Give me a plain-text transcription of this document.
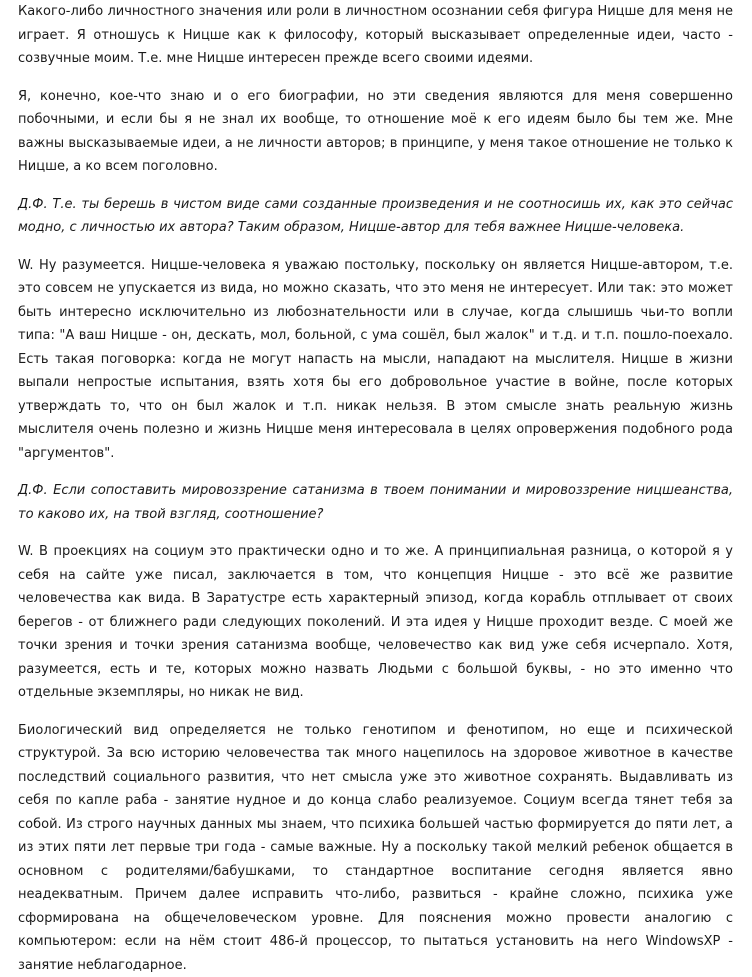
Какого-либо личностного значения или роли в личностном осознании себя фигура Ницше для меня не играет. Я отношусь к Ницше как к философу, который высказывает определенные идеи, часто - созвучные моим. Т.е. мне Ницше интересен прежде всего своими идеями.

Я, конечно, кое-что знаю и о его биографии, но эти сведения являются для меня совершенно побочными, и если бы я не знал их вообще, то отношение моё к его идеям было бы тем же. Мне важны высказываемые идеи, а не личности авторов; в принципе, у меня такое отношение не только к Ницше, а ко всем поголовно.

Д.Ф. Т.е. ты берешь в чистом виде сами созданные произведения и не соотносишь их, как это сейчас модно, с личностью их автора? Таким образом, Ницше-автор для тебя важнее Ницше-человека.

W. Ну разумеется. Ницше-человека я уважаю постольку, поскольку он является Ницше-автором, т.е. это совсем не упускается из вида, но можно сказать, что это меня не интересует. Или так: это может быть интересно исключительно из любознательности или в случае, когда слышишь чьи-то вопли типа: "А ваш Ницше - он, дескать, мол, больной, с ума сошёл, был жалок" и т.д. и т.п. пошло-поехало. Есть такая поговорка: когда не могут напасть на мысли, нападают на мыслителя. Ницше в жизни выпали непростые испытания, взять хотя бы его добровольное участие в войне, после которых утверждать то, что он был жалок и т.п. никак нельзя. В этом смысле знать реальную жизнь мыслителя очень полезно и жизнь Ницше меня интересовала в целях опровержения подобного рода "аргументов".

Д.Ф. Если сопоставить мировоззрение сатанизма в твоем понимании и мировоззрение ницшеанства, то каково их, на твой взгляд, соотношение?

W. В проекциях на социум это практически одно и то же. А принципиальная разница, о которой я у себя на сайте уже писал, заключается в том, что концепция Ницше - это всё же развитие человечества как вида. В Заратустре есть характерный эпизод, когда корабль отплывает от своих берегов - от ближнего ради следующих поколений. И эта идея у Ницше проходит везде. С моей же точки зрения и точки зрения сатанизма вообще, человечество как вид уже себя исчерпало. Хотя, разумеется, есть и те, которых можно назвать Людьми с большой буквы, - но это именно что отдельные экземпляры, но никак не вид.

Биологический вид определяется не только генотипом и фенотипом, но еще и психической структурой. За всю историю человечества так много нацепилось на здоровое животное в качестве последствий социального развития, что нет смысла уже это животное сохранять. Выдавливать из себя по капле раба - занятие нудное и до конца слабо реализуемое. Социум всегда тянет тебя за собой. Из строго научных данных мы знаем, что психика большей частью формируется до пяти лет, а из этих пяти лет первые три года - самые важные. Ну а поскольку такой мелкий ребенок общается в основном с родителями/бабушками, то стандартное воспитание сегодня является явно неадекватным. Причем далее исправить что-либо, развиться - крайне сложно, психика уже сформирована на общечеловеческом уровне. Для пояснения можно провести аналогию с компьютером: если на нём стоит 486-й процессор, то пытаться установить на него WindowsXP - занятие неблагодарное.
